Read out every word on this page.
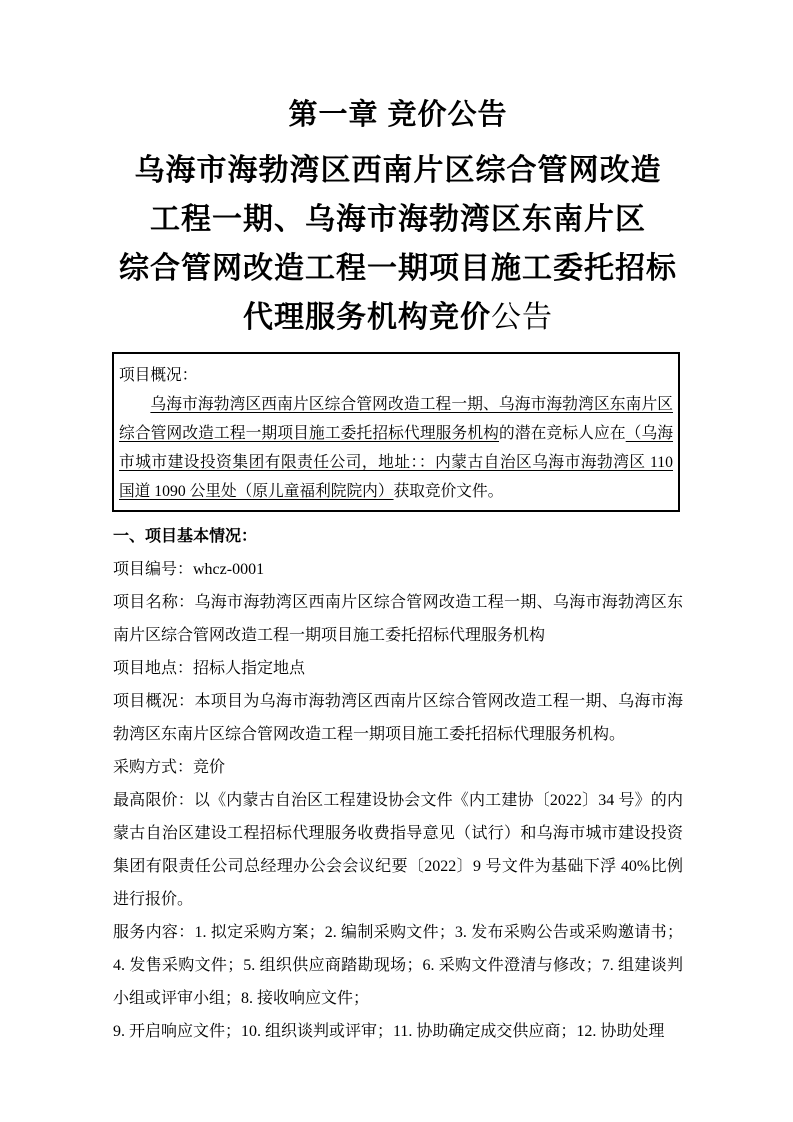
第一章 竞价公告
乌海市海勃湾区西南片区综合管网改造
工程一期、乌海市海勃湾区东南片区
综合管网改造工程一期项目施工委托招标
代理服务机构竞价公告
项目概况：

乌海市海勃湾区西南片区综合管网改造工程一期、乌海市海勃湾区东南片区综合管网改造工程一期项目施工委托招标代理服务机构的潜在竞标人应在（乌海市城市建设投资集团有限责任公司，地址：：内蒙古自治区乌海市海勃湾区 110 国道 1090 公里处（原儿童福利院院内）获取竞价文件。

一、项目基本情况：

项目编号：whcz-0001

项目名称：乌海市海勃湾区西南片区综合管网改造工程一期、乌海市海勃湾区东南片区综合管网改造工程一期项目施工委托招标代理服务机构

项目地点：招标人指定地点

项目概况：本项目为乌海市海勃湾区西南片区综合管网改造工程一期、乌海市海勃湾区东南片区综合管网改造工程一期项目施工委托招标代理服务机构。

采购方式：竞价

最高限价：以《内蒙古自治区工程建设协会文件《内工建协〔2022〕34 号》的内蒙古自治区建设工程招标代理服务收费指导意见（试行）和乌海市城市建设投资集团有限责任公司总经理办公会会议纪要〔2022〕9 号文件为基础下浮 40%比例进行报价。

服务内容：1. 拟定采购方案；2. 编制采购文件；3. 发布采购公告或采购邀请书；4. 发售采购文件；5. 组织供应商踏勘现场；6. 采购文件澄清与修改；7. 组建谈判小组或评审小组；8. 接收响应文件；

9. 开启响应文件；10. 组织谈判或评审；11. 协助确定成交供应商；12. 协助处理
